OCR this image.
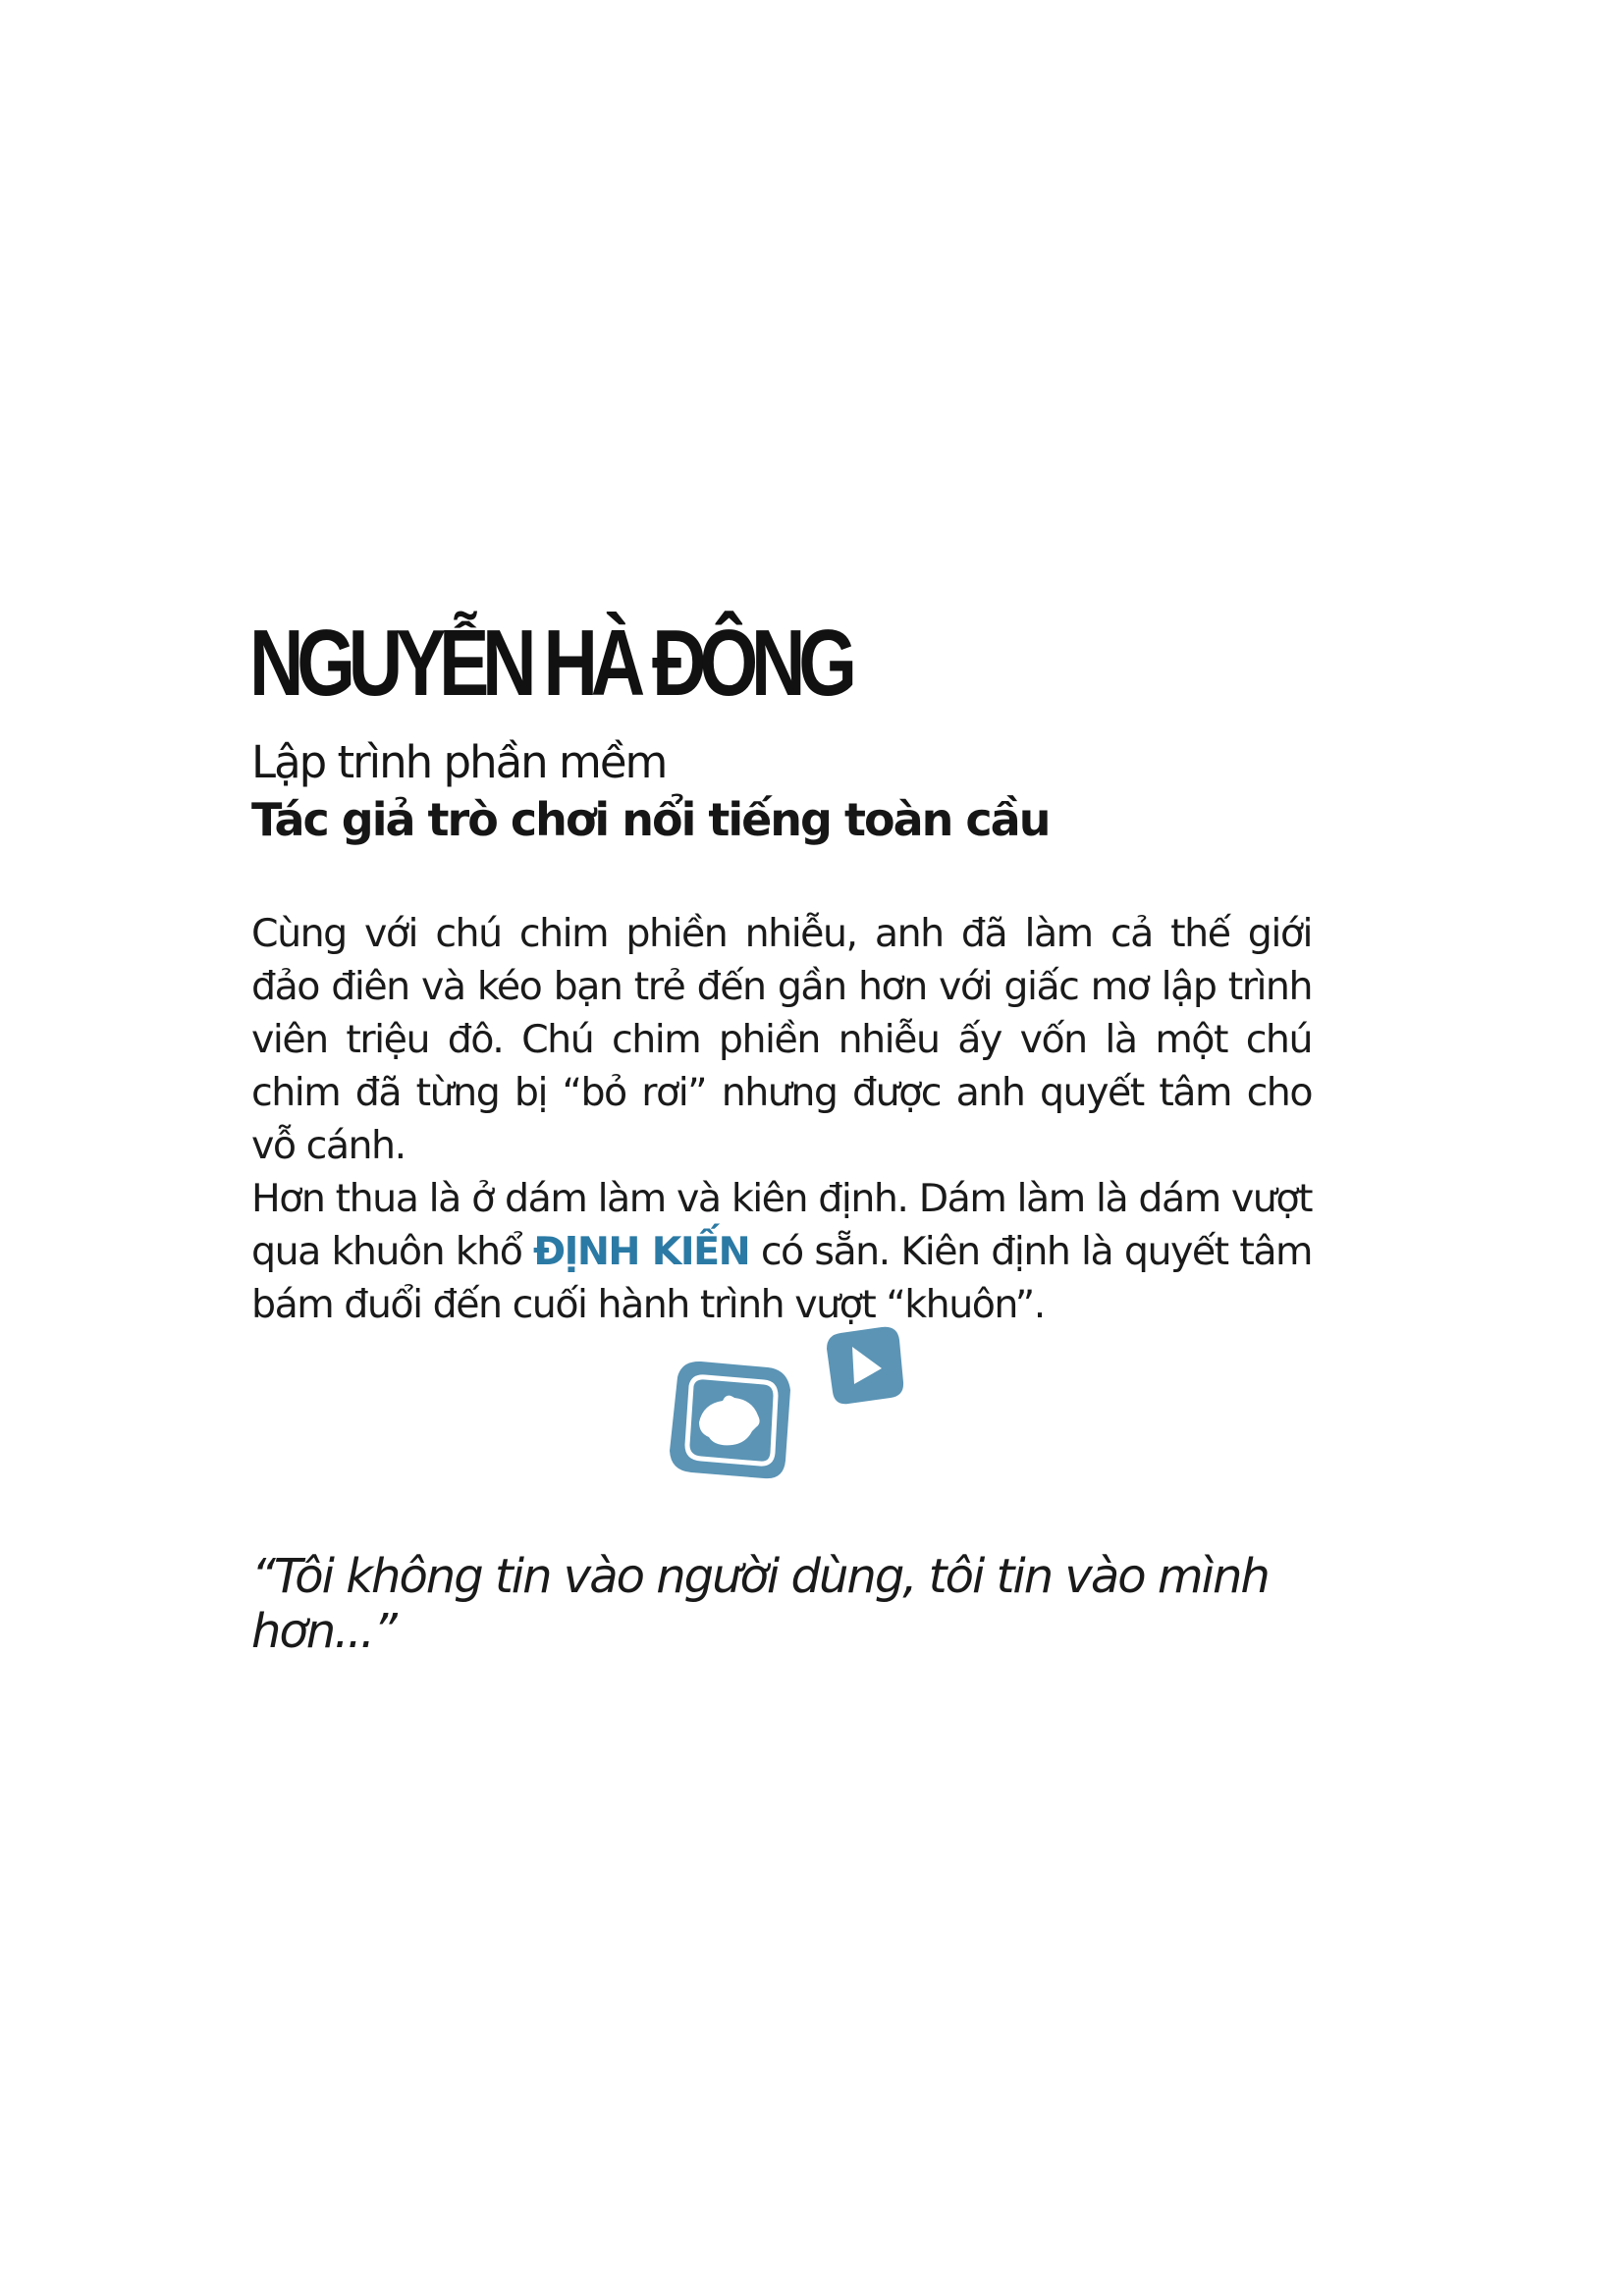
NGUYỄN HÀ ĐÔNG
Lập trình phần mềm
Tác giả trò chơi nổi tiếng toàn cầu

Cùng với chú chim phiền nhiễu, anh đã làm cả thế giới đảo điên và kéo bạn trẻ đến gần hơn với giấc mơ lập trình viên triệu đô. Chú chim phiền nhiễu ấy vốn là một chú chim đã từng bị “bỏ rơi” nhưng được anh quyết tâm cho vỗ cánh.

Hơn thua là ở dám làm và kiên định. Dám làm là dám vượt qua khuôn khổ ĐỊNH KIẾN có sẵn. Kiên định là quyết tâm bám đuổi đến cuối hành trình vượt “khuôn”.

“Tôi không tin vào người dùng, tôi tin vào mình hơn...”
